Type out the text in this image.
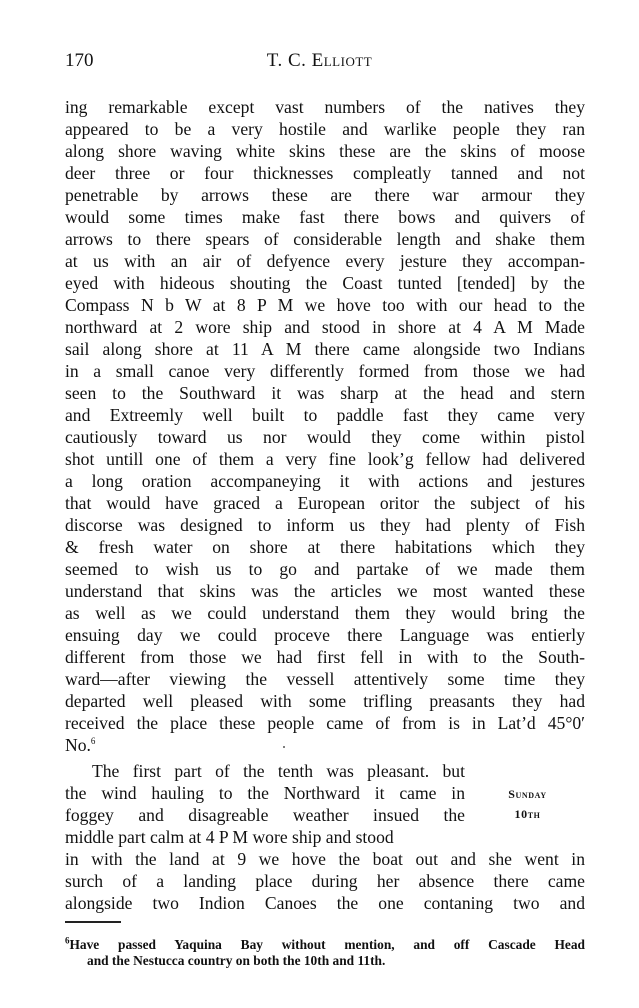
170	T. C. Elliott
ing remarkable except vast numbers of the natives they
appeared to be a very hostile and warlike people they ran
along shore waving white skins these are the skins of moose
deer three or four thicknesses compleatly tanned and not
penetrable by arrows these are there war armour they
would some times make fast there bows and quivers of
arrows to there spears of considerable length and shake them
at us with an air of defyence every jesture they accompan-
eyed with hideous shouting the Coast tunted [tended] by the
Compass N b W at 8 P M we hove too with our head to the
northward at 2 wore ship and stood in shore at 4 A M Made
sail along shore at 11 A M there came alongside two Indians
in a small canoe very differently formed from those we had
seen to the Southward it was sharp at the head and stern
and Extreemly well built to paddle fast they came very
cautiously toward us nor would they come within pistol
shot untill one of them a very fine look’g fellow had delivered
a long oration accompaneying it with actions and jestures
that would have graced a European oritor the subject of his
discorse was designed to inform us they had plenty of Fish
& fresh water on shore at there habitations which they
seemed to wish us to go and partake of we made them
understand that skins was the articles we most wanted these
as well as we could understand them they would bring the
ensuing day we could proceve there Language was entierly
different from those we had first fell in with to the South-
ward—after viewing the vessell attentively some time they
departed well pleased with some trifling preasants they had
received the place these people came of from is in Lat’d 45°0′
No.$^6$
The first part of the tenth was pleasant. but
the wind hauling to the Northward it came in
foggey and disagreable weather insued the
middle part calm at 4 P M wore ship and stood
in with the land at 9 we hove the boat out and she went in
surch of a landing place during her absence there came
alongside two Indion Canoes the one contaning two and
Sunday
10th
$^6$Have passed Yaquina Bay without mention, and off Cascade Head
and the Nestucca country on both the 10th and 11th.
